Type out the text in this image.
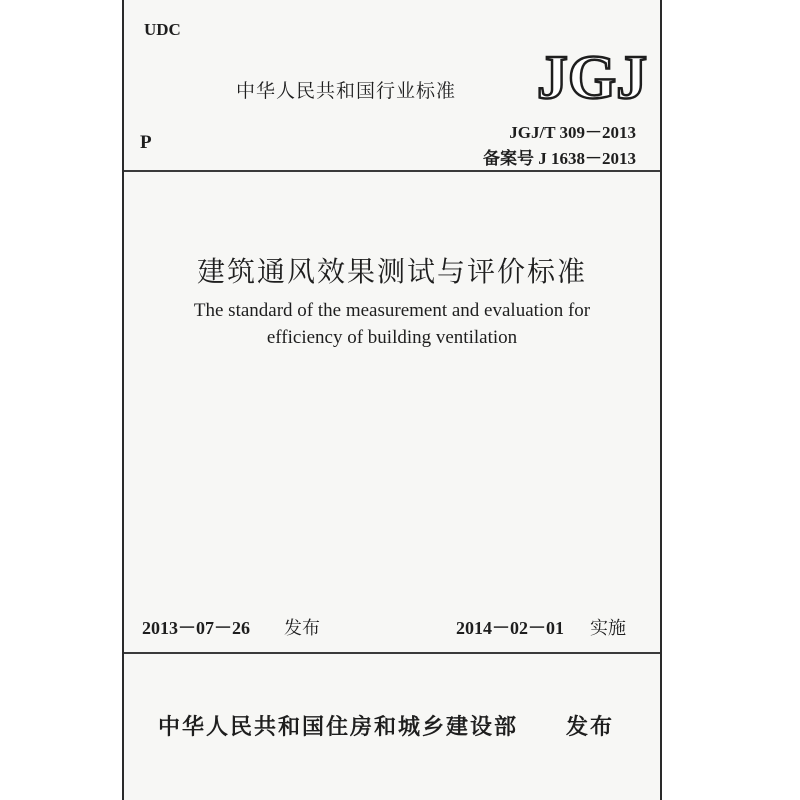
UDC
P
中华人民共和国行业标准 JGJ
JGJ/T 309－2013
备案号 J 1638－2013
建筑通风效果测试与评价标准
The standard of the measurement and evaluation for
efficiency of building ventilation
2013－07－26 发布	2014－02－01 实施
中华人民共和国住房和城乡建设部 发布
